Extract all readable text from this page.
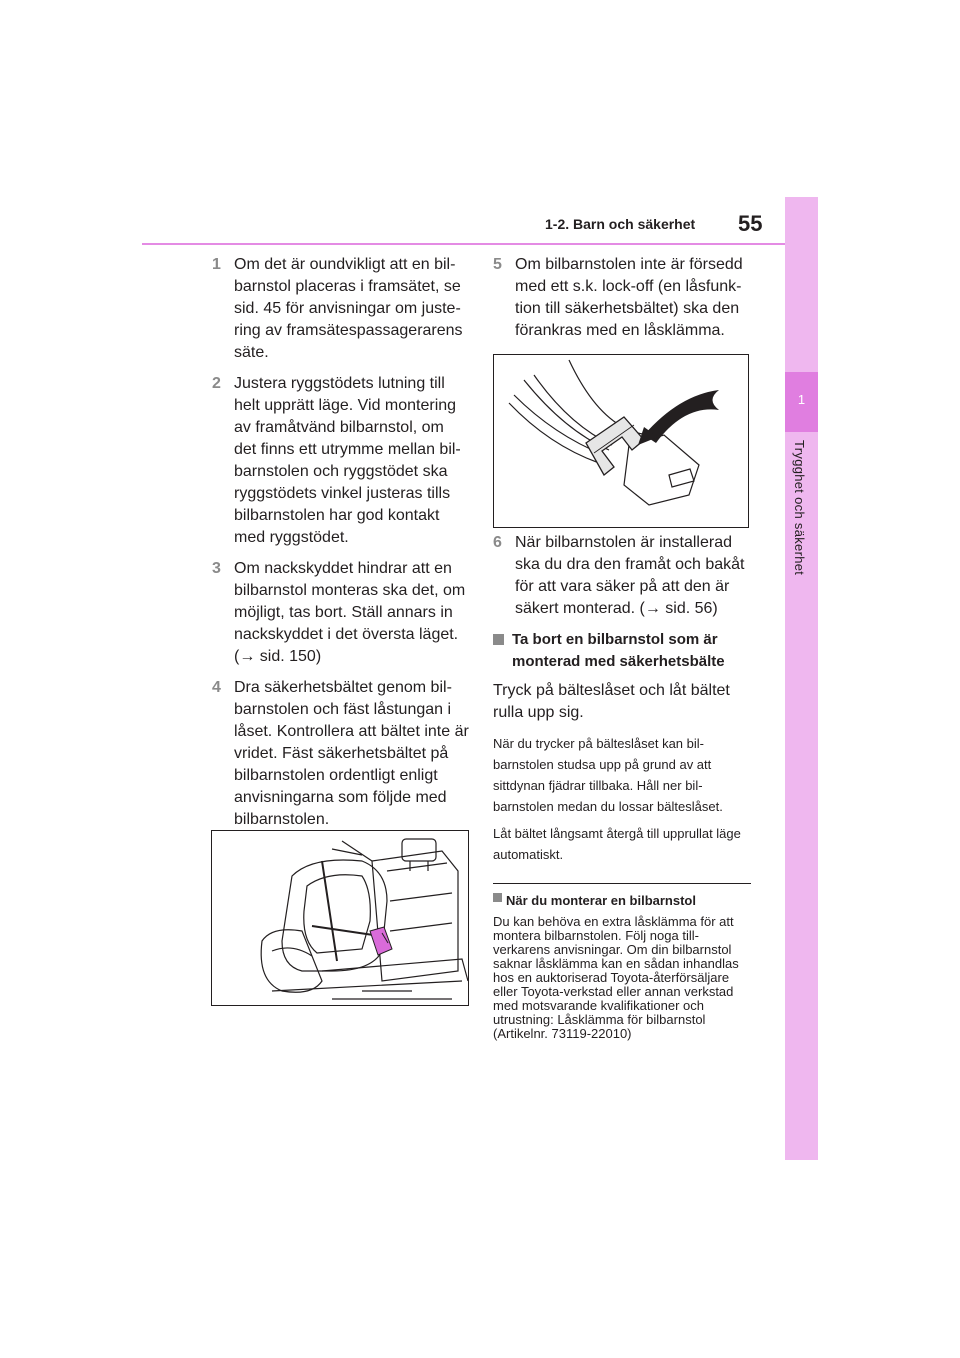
1-2. Barn och säkerhet 55
1
Trygghet och säkerhet
1 Om det är oundvikligt att en bilbarnstol placeras i framsätet, se sid. 45 för anvisningar om justering av framsätespassagerarens säte.
2 Justera ryggstödets lutning till helt upprätt läge. Vid montering av framåtvänd bilbarnstol, om det finns ett utrymme mellan bilbarnstolen och ryggstödet ska ryggstödets vinkel justeras tills bilbarnstolen har god kontakt med ryggstödet.
3 Om nackskyddet hindrar att en bilbarnstol monteras ska det, om möjligt, tas bort. Ställ annars in nackskyddet i det översta läget. (→ sid. 150)
4 Dra säkerhetsbältet genom bilbarnstolen och fäst låstungan i låset. Kontrollera att bältet inte är vridet. Fäst säkerhetsbältet på bilbarnstolen ordentligt enligt anvisningarna som följde med bilbarnstolen.
5 Om bilbarnstolen inte är försedd med ett s.k. lock-off (en låsfunktion till säkerhetsbältet) ska den förankras med en låsklämma.
6 När bilbarnstolen är installerad ska du dra den framåt och bakåt för att vara säker på att den är säkert monterad. (→ sid. 56)
Ta bort en bilbarnstol som är monterad med säkerhetsbälte
Tryck på bälteslåset och låt bältet rulla upp sig.
När du trycker på bälteslåset kan bilbarnstolen studsa upp på grund av att sittdynan fjädrar tillbaka. Håll ner bilbarnstolen medan du lossar bälteslåset.
Låt bältet långsamt återgå till upprullat läge automatiskt.
När du monterar en bilbarnstol
Du kan behöva en extra låsklämma för att montera bilbarnstolen. Följ noga tillverkarens anvisningar. Om din bilbarnstol saknar låsklämma kan en sådan inhandlas hos en auktoriserad Toyota-återförsäljare eller Toyota-verkstad eller annan verkstad med motsvarande kvalifikationer och utrustning: Låsklämma för bilbarnstol
(Artikelnr. 73119-22010)
